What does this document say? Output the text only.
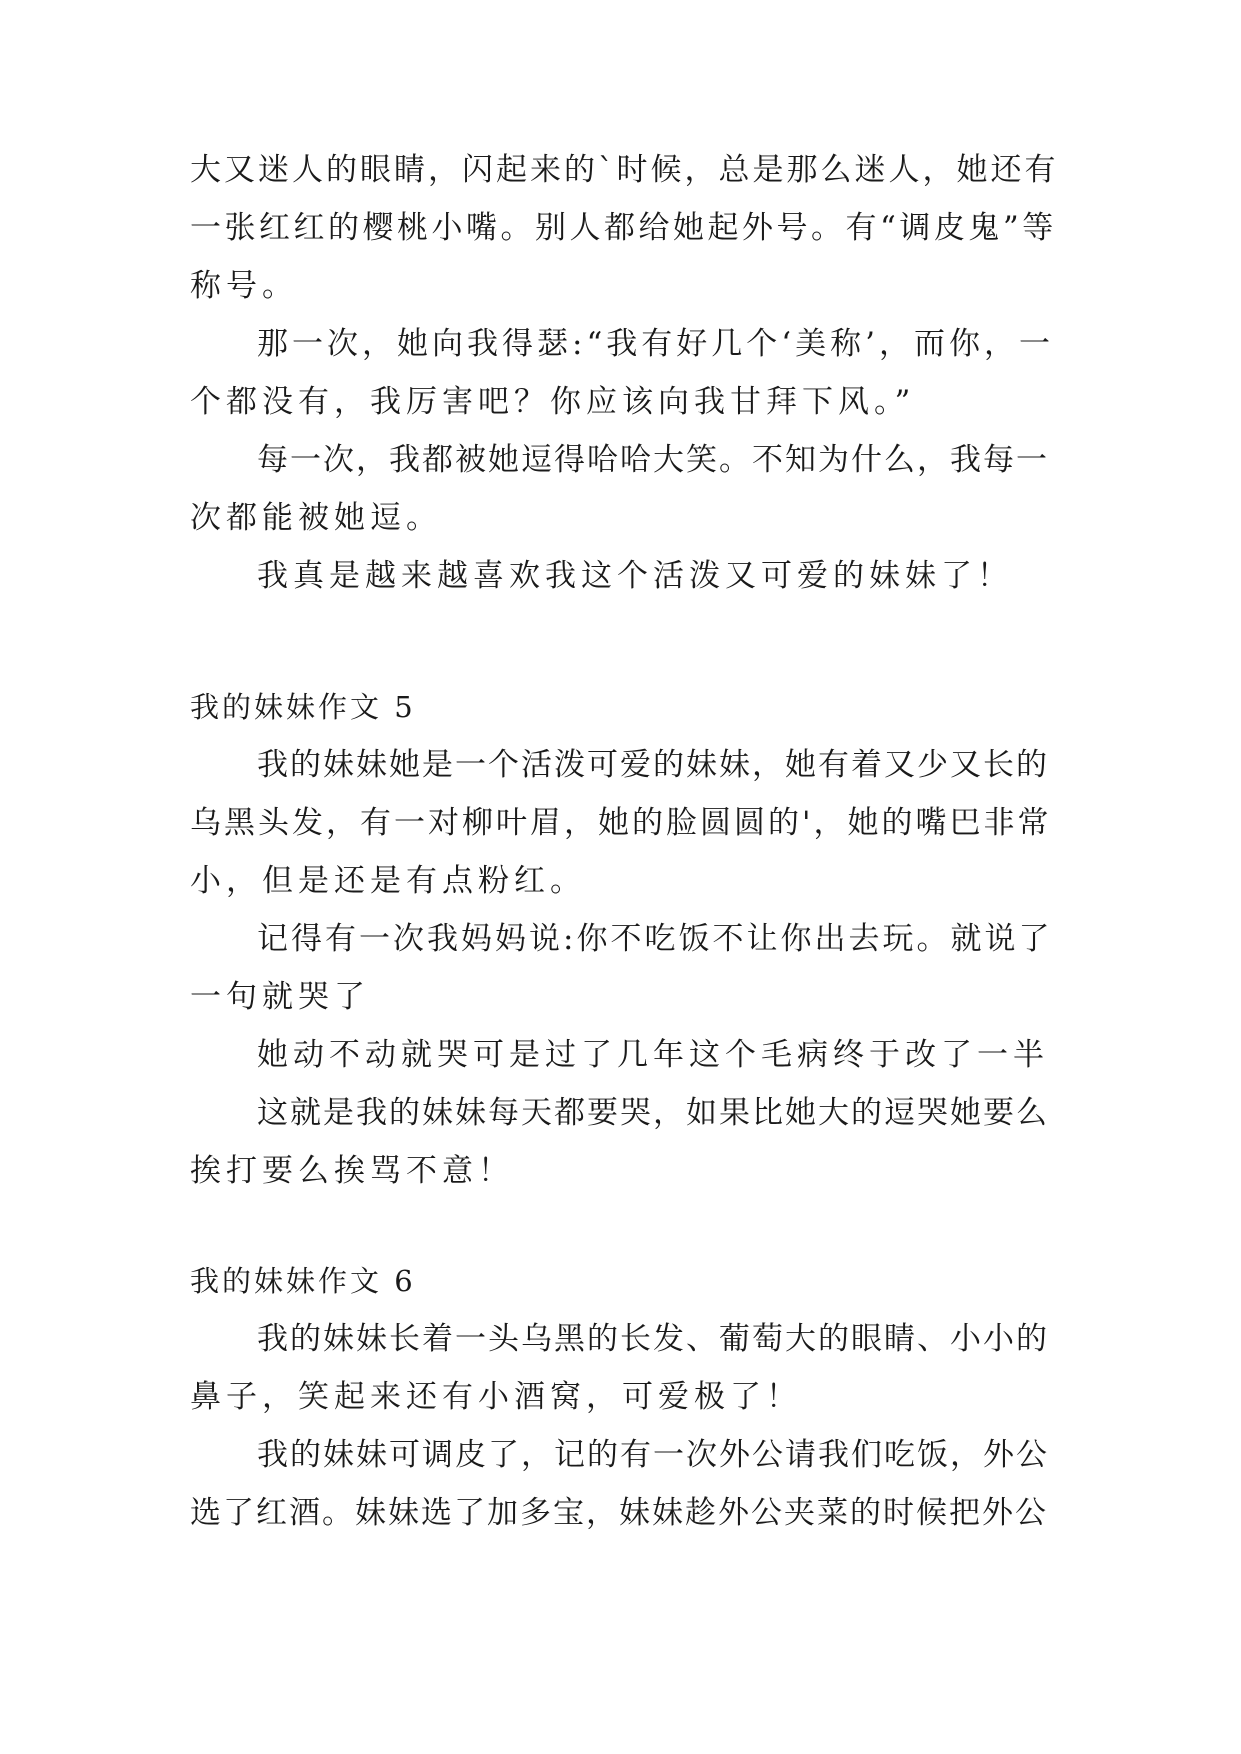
大又迷人的眼睛，闪起来的`时候，总是那么迷人，她还有
一张红红的樱桃小嘴。别人都给她起外号。有“调皮鬼”等
称号。
那一次，她向我得瑟:“我有好几个‘美称’，而你，一
个都没有，我厉害吧？你应该向我甘拜下风。”
每一次，我都被她逗得哈哈大笑。不知为什么，我每一
次都能被她逗。
我真是越来越喜欢我这个活泼又可爱的妹妹了！
我的妹妹作文 5
我的妹妹她是一个活泼可爱的妹妹，她有着又少又长的
乌黑头发，有一对柳叶眉，她的脸圆圆的'，她的嘴巴非常
小，但是还是有点粉红。
记得有一次我妈妈说:你不吃饭不让你出去玩。就说了
一句就哭了
她动不动就哭可是过了几年这个毛病终于改了一半
这就是我的妹妹每天都要哭，如果比她大的逗哭她要么
挨打要么挨骂不意！
我的妹妹作文 6
我的妹妹长着一头乌黑的长发、葡萄大的眼睛、小小的
鼻子，笑起来还有小酒窝，可爱极了！
我的妹妹可调皮了，记的有一次外公请我们吃饭，外公
选了红酒。妹妹选了加多宝，妹妹趁外公夹菜的时候把外公
